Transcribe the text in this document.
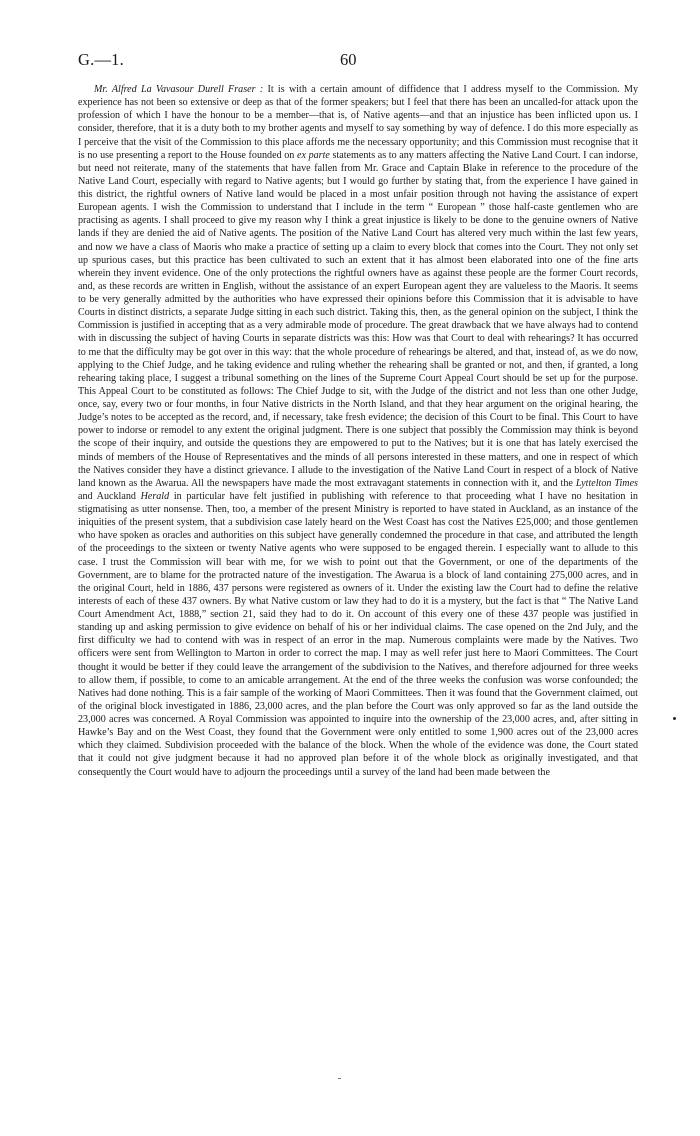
G.—1.	60

Mr. Alfred La Vavasour Durell Fraser : It is with a certain amount of diffidence that I address myself to the Commission. My experience has not been so extensive or deep as that of the former speakers; but I feel that there has been an uncalled-for attack upon the profession of which I have the honour to be a member—that is, of Native agents—and that an injustice has been inflicted upon us. I consider, therefore, that it is a duty both to my brother agents and myself to say something by way of defence. I do this more especially as I perceive that the visit of the Commission to this place affords me the necessary opportunity; and this Commission must recognise that it is no use presenting a report to the House founded on ex parte statements as to any matters affecting the Native Land Court. I can indorse, but need not reiterate, many of the statements that have fallen from Mr. Grace and Captain Blake in reference to the procedure of the Native Land Court, especially with regard to Native agents; but I would go further by stating that, from the experience I have gained in this district, the rightful owners of Native land would be placed in a most unfair position through not having the assistance of expert European agents. I wish the Commission to understand that I include in the term “ European ” those half-caste gentlemen who are practising as agents. I shall proceed to give my reason why I think a great injustice is likely to be done to the genuine owners of Native lands if they are denied the aid of Native agents. The position of the Native Land Court has altered very much within the last few years, and now we have a class of Maoris who make a practice of setting up a claim to every block that comes into the Court. They not only set up spurious cases, but this practice has been cultivated to such an extent that it has almost been elaborated into one of the fine arts wherein they invent evidence. One of the only protections the rightful owners have as against these people are the former Court records, and, as these records are written in English, without the assistance of an expert European agent they are valueless to the Maoris. It seems to be very generally admitted by the authorities who have expressed their opinions before this Commission that it is advisable to have Courts in distinct districts, a separate Judge sitting in each such district. Taking this, then, as the general opinion on the subject, I think the Commission is justified in accepting that as a very admirable mode of procedure. The great drawback that we have always had to contend with in discussing the subject of having Courts in separate districts was this: How was that Court to deal with rehearings? It has occurred to me that the difficulty may be got over in this way: that the whole procedure of rehearings be altered, and that, instead of, as we do now, applying to the Chief Judge, and he taking evidence and ruling whether the rehearing shall be granted or not, and then, if granted, a long rehearing taking place, I suggest a tribunal something on the lines of the Supreme Court Appeal Court should be set up for the purpose. This Appeal Court to be constituted as follows: The Chief Judge to sit, with the Judge of the district and not less than one other Judge, once, say, every two or four months, in four Native districts in the North Island, and that they hear argument on the original hearing, the Judge’s notes to be accepted as the record, and, if necessary, take fresh evidence; the decision of this Court to be final. This Court to have power to indorse or remodel to any extent the original judgment. There is one subject that possibly the Commission may think is beyond the scope of their inquiry, and outside the questions they are empowered to put to the Natives; but it is one that has lately exercised the minds of members of the House of Representatives and the minds of all persons interested in these matters, and one in respect of which the Natives consider they have a distinct grievance. I allude to the investigation of the Native Land Court in respect of a block of Native land known as the Awarua. All the newspapers have made the most extravagant statements in connection with it, and the Lyttelton Times and Auckland Herald in particular have felt justified in publishing with reference to that proceeding what I have no hesitation in stigmatising as utter nonsense. Then, too, a member of the present Ministry is reported to have stated in Auckland, as an instance of the iniquities of the present system, that a subdivision case lately heard on the West Coast has cost the Natives £25,000; and those gentlemen who have spoken as oracles and authorities on this subject have generally condemned the procedure in that case, and attributed the length of the proceedings to the sixteen or twenty Native agents who were supposed to be engaged therein. I especially want to allude to this case. I trust the Commission will bear with me, for we wish to point out that the Government, or one of the departments of the Government, are to blame for the protracted nature of the investigation. The Awarua is a block of land containing 275,000 acres, and in the original Court, held in 1886, 437 persons were registered as owners of it. Under the existing law the Court had to define the relative interests of each of these 437 owners. By what Native custom or law they had to do it is a mystery, but the fact is that “ The Native Land Court Amendment Act, 1888,” section 21, said they had to do it. On account of this every one of these 437 people was justified in standing up and asking permission to give evidence on behalf of his or her individual claims. The case opened on the 2nd July, and the first difficulty we had to contend with was in respect of an error in the map. Numerous complaints were made by the Natives. Two officers were sent from Wellington to Marton in order to correct the map. I may as well refer just here to Maori Committees. The Court thought it would be better if they could leave the arrangement of the subdivision to the Natives, and therefore adjourned for three weeks to allow them, if possible, to come to an amicable arrangement. At the end of the three weeks the confusion was worse confounded; the Natives had done nothing. This is a fair sample of the working of Maori Committees. Then it was found that the Government claimed, out of the original block investigated in 1886, 23,000 acres, and the plan before the Court was only approved so far as the land outside the 23,000 acres was concerned. A Royal Commission was appointed to inquire into the ownership of the 23,000 acres, and, after sitting in Hawke’s Bay and on the West Coast, they found that the Government were only entitled to some 1,900 acres out of the 23,000 acres which they claimed. Subdivision proceeded with the balance of the block. When the whole of the evidence was done, the Court stated that it could not give judgment because it had no approved plan before it of the whole block as originally investigated, and that consequently the Court would have to adjourn the proceedings until a survey of the land had been made between the
